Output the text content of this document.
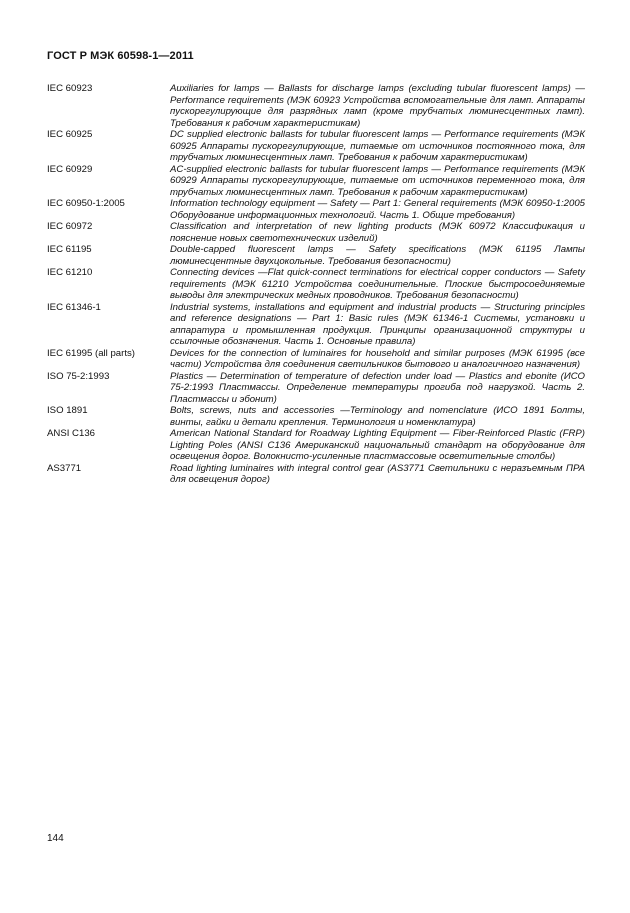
ГОСТ Р МЭК 60598-1—2011
IEC 60923	Auxiliaries for lamps — Ballasts for discharge lamps (excluding tubular fluorescent lamps) — Performance requirements (МЭК 60923 Устройства вспомогательные для ламп. Аппараты пускорегулирующие для разрядных ламп (кроме трубчатых люминесцентных ламп). Требования к рабочим характеристикам)
IEC 60925	DC supplied electronic ballasts for tubular fluorescent lamps — Performance requirements (МЭК 60925 Аппараты пускорегулирующие, питаемые от источников постоянного тока, для трубчатых люминесцентных ламп. Требования к рабочим характеристикам)
IEC 60929	AC-supplied electronic ballasts for tubular fluorescent lamps — Performance requirements (МЭК 60929 Аппараты пускорегулирующие, питаемые от источников переменного тока, для трубчатых люминесцентных ламп. Требования к рабочим характеристикам)
IEC 60950-1:2005	Information technology equipment — Safety — Part 1: General requirements (МЭК 60950-1:2005 Оборудование информационных технологий. Часть 1. Общие требования)
IEC 60972	Classification and interpretation of new lighting products (МЭК 60972 Классификация и пояснение новых светотехнических изделий)
IEC 61195	Double-capped fluorescent lamps — Safety specifications (МЭК 61195 Лампы люминесцентные двухцокольные. Требования безопасности)
IEC 61210	Connecting devices —Flat quick-connect terminations for electrical copper conductors — Safety requirements (МЭК 61210 Устройства соединительные. Плоские быстросоединяемые выводы для электрических медных проводников. Требования безопасности)
IEC 61346-1	Industrial systems, installations and equipment and industrial products — Structuring principles and reference designations — Part 1: Basic rules (МЭК 61346-1 Системы, установки и аппаратура и промышленная продукция. Принципы организационной структуры и ссылочные обозначения. Часть 1. Основные правила)
IEC 61995 (all parts)	Devices for the connection of luminaires for household and similar purposes (МЭК 61995 (все части) Устройства для соединения светильников бытового и аналогичного назначения)
ISO 75-2:1993	Plastics — Determination of temperature of defection under load — Plastics and ebonite (ИСО 75-2:1993 Пластмассы. Определение температуры прогиба под нагрузкой. Часть 2. Пластмассы и эбонит)
ISO 1891	Bolts, screws, nuts and accessories —Terminology and nomenclature (ИСО 1891 Болты, винты, гайки и детали крепления. Терминология и номенклатура)
ANSI C136	American National Standard for Roadway Lighting Equipment — Fiber-Reinforced Plastic (FRP) Lighting Poles (ANSI C136 Американский национальный стандарт на оборудование для освещения дорог. Волокнисто-усиленные пластмассовые осветительные столбы)
AS3771	Road lighting luminaires with integral control gear (AS3771 Светильники с неразъемным ПРА для освещения дорог)
144
